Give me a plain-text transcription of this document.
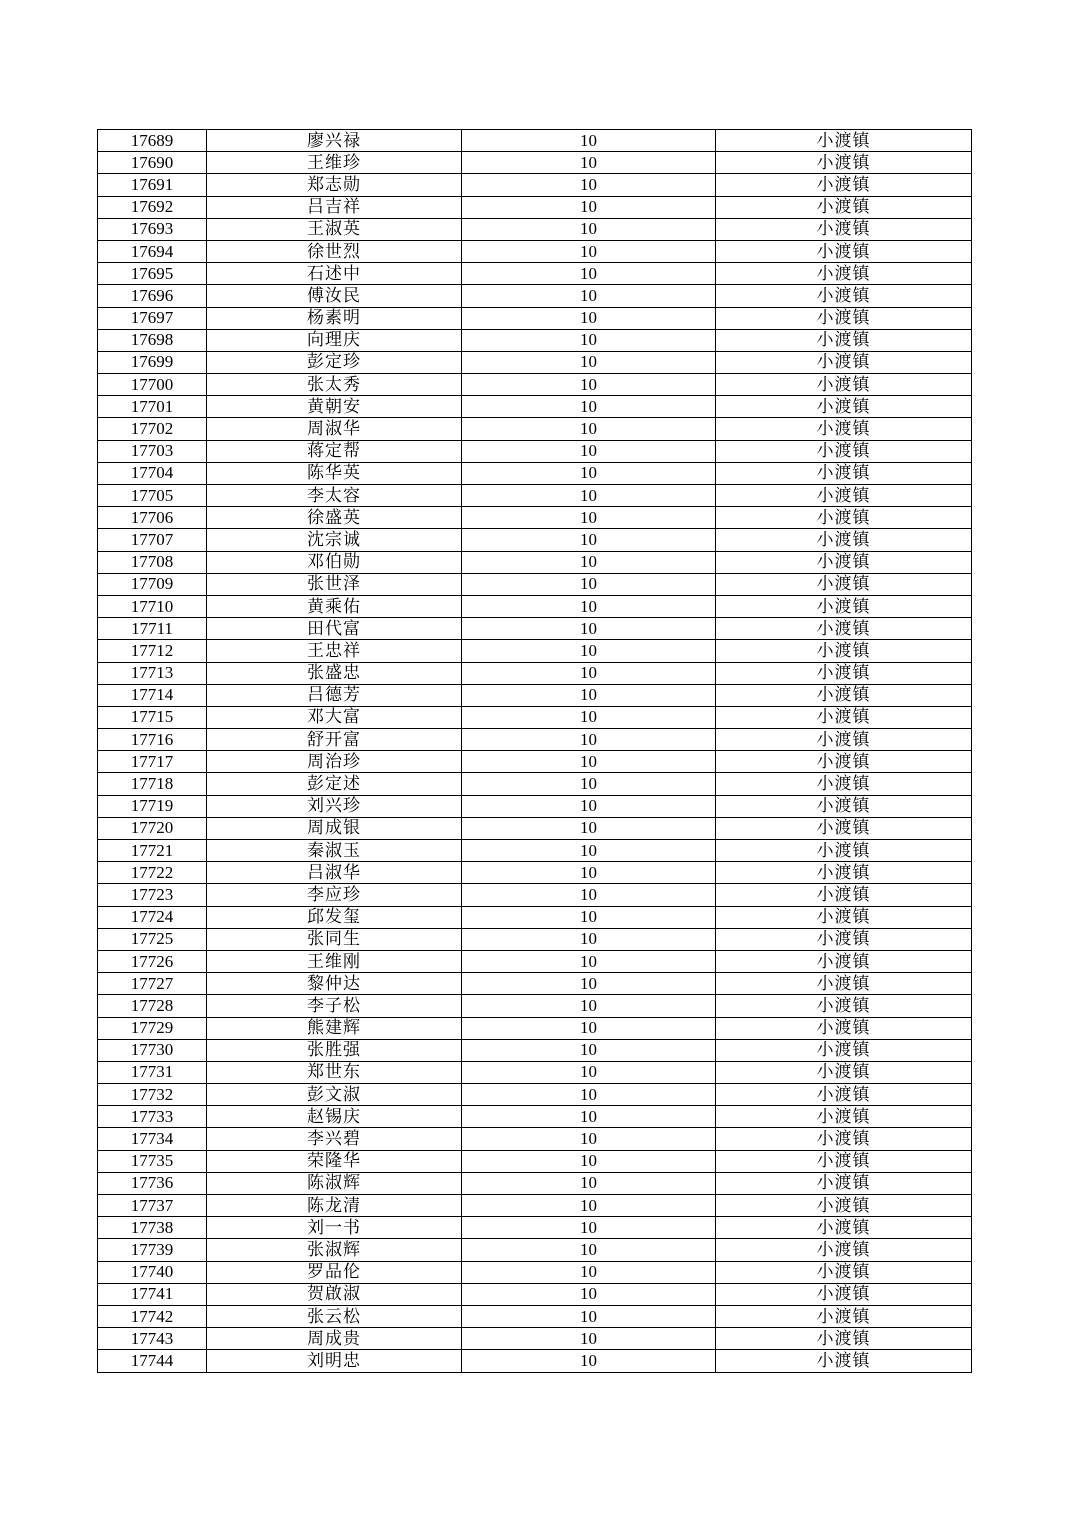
17689	廖兴禄	10	小渡镇
17690	王维珍	10	小渡镇
17691	郑志勋	10	小渡镇
17692	吕吉祥	10	小渡镇
17693	王淑英	10	小渡镇
17694	徐世烈	10	小渡镇
17695	石述中	10	小渡镇
17696	傅汝民	10	小渡镇
17697	杨素明	10	小渡镇
17698	向理庆	10	小渡镇
17699	彭定珍	10	小渡镇
17700	张太秀	10	小渡镇
17701	黄朝安	10	小渡镇
17702	周淑华	10	小渡镇
17703	蒋定帮	10	小渡镇
17704	陈华英	10	小渡镇
17705	李太容	10	小渡镇
17706	徐盛英	10	小渡镇
17707	沈宗诚	10	小渡镇
17708	邓伯勋	10	小渡镇
17709	张世泽	10	小渡镇
17710	黄乘佑	10	小渡镇
17711	田代富	10	小渡镇
17712	王忠祥	10	小渡镇
17713	张盛忠	10	小渡镇
17714	吕德芳	10	小渡镇
17715	邓大富	10	小渡镇
17716	舒开富	10	小渡镇
17717	周治珍	10	小渡镇
17718	彭定述	10	小渡镇
17719	刘兴珍	10	小渡镇
17720	周成银	10	小渡镇
17721	秦淑玉	10	小渡镇
17722	吕淑华	10	小渡镇
17723	李应珍	10	小渡镇
17724	邱发玺	10	小渡镇
17725	张同生	10	小渡镇
17726	王维刚	10	小渡镇
17727	黎仲达	10	小渡镇
17728	李子松	10	小渡镇
17729	熊建辉	10	小渡镇
17730	张胜强	10	小渡镇
17731	郑世东	10	小渡镇
17732	彭文淑	10	小渡镇
17733	赵锡庆	10	小渡镇
17734	李兴碧	10	小渡镇
17735	荣隆华	10	小渡镇
17736	陈淑辉	10	小渡镇
17737	陈龙清	10	小渡镇
17738	刘一书	10	小渡镇
17739	张淑辉	10	小渡镇
17740	罗品伦	10	小渡镇
17741	贺啟淑	10	小渡镇
17742	张云松	10	小渡镇
17743	周成贵	10	小渡镇
17744	刘明忠	10	小渡镇
